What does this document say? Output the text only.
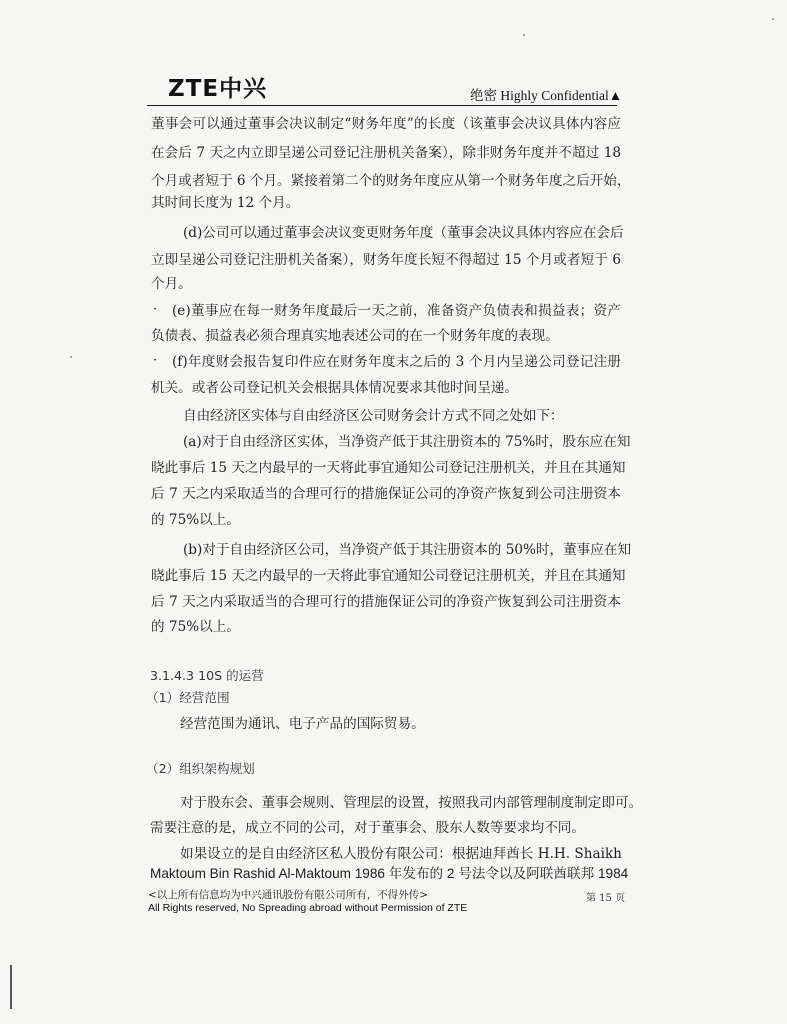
ZTE中兴	绝密 Highly Confidential▲
董事会可以通过董事会决议制定“财务年度”的长度（该董事会决议具体内容应
在会后 7 天之内立即呈递公司登记注册机关备案），除非财务年度并不超过 18
个月或者短于 6 个月。紧接着第二个的财务年度应从第一个财务年度之后开始，
其时间长度为 12 个月。
(d)公司可以通过董事会决议变更财务年度（董事会决议具体内容应在会后
立即呈递公司登记注册机关备案），财务年度长短不得超过 15 个月或者短于 6
个月。
· (e)董事应在每一财务年度最后一天之前，准备资产负债表和损益表；资产
负债表、损益表必须合理真实地表述公司的在一个财务年度的表现。
· (f)年度财会报告复印件应在财务年度末之后的 3 个月内呈递公司登记注册
机关。或者公司登记机关会根据具体情况要求其他时间呈递。
自由经济区实体与自由经济区公司财务会计方式不同之处如下：
(a)对于自由经济区实体，当净资产低于其注册资本的 75%时，股东应在知
晓此事后 15 天之内最早的一天将此事宜通知公司登记注册机关，并且在其通知
后 7 天之内采取适当的合理可行的措施保证公司的净资产恢复到公司注册资本
的 75%以上。
(b)对于自由经济区公司，当净资产低于其注册资本的 50%时，董事应在知
晓此事后 15 天之内最早的一天将此事宜通知公司登记注册机关，并且在其通知
后 7 天之内采取适当的合理可行的措施保证公司的净资产恢复到公司注册资本
的 75%以上。
3.1.4.3 10S 的运营
（1）经营范围
经营范围为通讯、电子产品的国际贸易。
（2）组织架构规划
对于股东会、董事会规则、管理层的设置，按照我司内部管理制度制定即可。
需要注意的是，成立不同的公司，对于董事会、股东人数等要求均不同。
如果设立的是自由经济区私人股份有限公司：根据迪拜酋长 H.H. Shaikh
Maktoum Bin Rashid Al-Maktoum 1986 年发布的 2 号法令以及阿联酋联邦 1984
<以上所有信息均为中兴通讯股份有限公司所有，不得外传>	第 15 页
All Rights reserved, No Spreading abroad without Permission of ZTE
